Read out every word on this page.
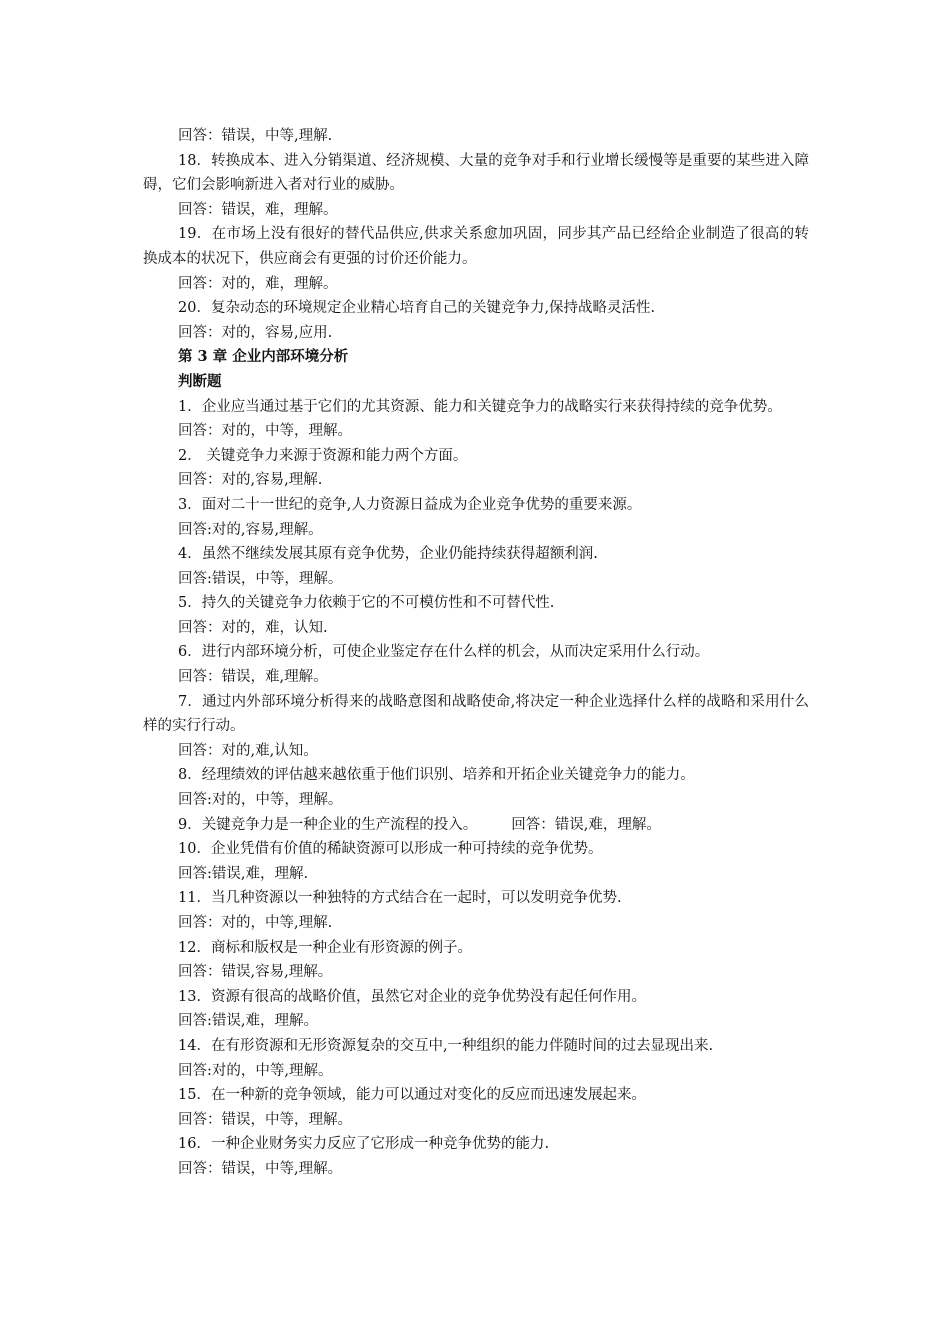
回答：错误，中等,理解.
18．转换成本、进入分销渠道、经济规模、大量的竞争对手和行业增长缓慢等是重要的某些进入障碍，它们会影响新进入者对行业的威胁。
回答：错误，难，理解。
19．在市场上没有很好的替代品供应,供求关系愈加巩固，同步其产品已经给企业制造了很高的转换成本的状况下，供应商会有更强的讨价还价能力。
回答：对的，难，理解。
20．复杂动态的环境规定企业精心培育自己的关键竞争力,保持战略灵活性.
回答：对的，容易,应用.
第 3 章 企业内部环境分析
判断题
1．企业应当通过基于它们的尤其资源、能力和关键竞争力的战略实行来获得持续的竞争优势。
回答：对的，中等，理解。
2． 关键竞争力来源于资源和能力两个方面。
回答：对的,容易,理解.
3．面对二十一世纪的竞争,人力资源日益成为企业竞争优势的重要来源。
回答:对的,容易,理解。
4．虽然不继续发展其原有竞争优势，企业仍能持续获得超额利润.
回答:错误，中等，理解。
5．持久的关键竞争力依赖于它的不可模仿性和不可替代性.
回答：对的，难，认知.
6．进行内部环境分析，可使企业鉴定存在什么样的机会，从而决定采用什么行动。
回答：错误，难,理解。
7．通过内外部环境分析得来的战略意图和战略使命,将决定一种企业选择什么样的战略和采用什么样的实行行动。
回答：对的,难,认知。
8．经理绩效的评估越来越依重于他们识别、培养和开拓企业关键竞争力的能力。
回答:对的，中等，理解。
9．关键竞争力是一种企业的生产流程的投入。 回答：错误,难，理解。
10．企业凭借有价值的稀缺资源可以形成一种可持续的竞争优势。
回答:错误,难，理解.
11．当几种资源以一种独特的方式结合在一起时，可以发明竞争优势.
回答：对的，中等,理解.
12．商标和版权是一种企业有形资源的例子。
回答：错误,容易,理解。
13．资源有很高的战略价值，虽然它对企业的竞争优势没有起任何作用。
回答:错误,难，理解。
14．在有形资源和无形资源复杂的交互中,一种组织的能力伴随时间的过去显现出来.
回答:对的，中等,理解。
15．在一种新的竞争领域，能力可以通过对变化的反应而迅速发展起来。
回答：错误，中等，理解。
16．一种企业财务实力反应了它形成一种竞争优势的能力.
回答：错误，中等,理解。
